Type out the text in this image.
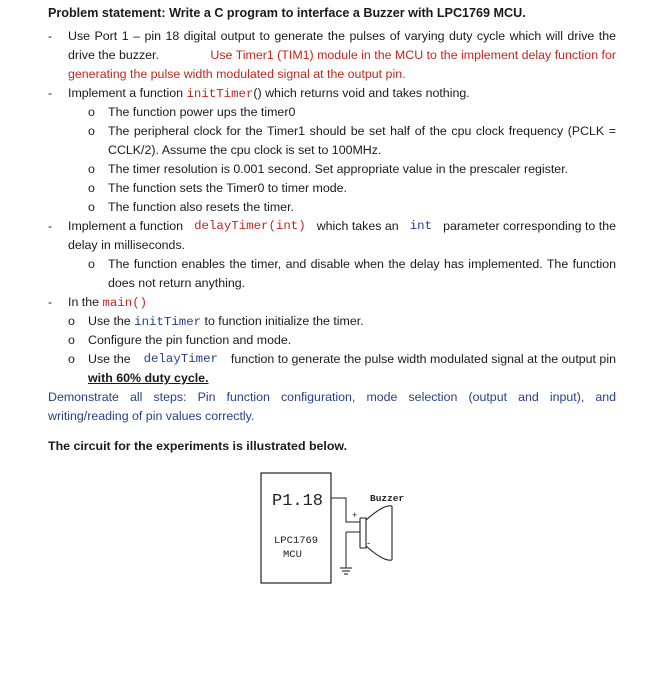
Problem statement: Write a C program to interface a Buzzer with LPC1769 MCU.
- Use Port 1 – pin 18 digital output to generate the pulses of varying duty cycle which will drive the
drive the buzzer.	Use Timer1 (TIM1) module in the MCU to the implement delay function for
generating the pulse width modulated signal at the output pin.
- Implement a function initTimer() which returns void and takes nothing.
o The function power ups the timer0
o The peripheral clock for the Timer1 should be set half of the cpu clock frequency (PCLK =
CCLK/2). Assume the cpu clock is set to 100MHz.
o The timer resolution is 0.001 second. Set appropriate value in the prescaler register.
o The function sets the Timer0 to timer mode.
o The function also resets the timer.
- Implement a function delayTimer(int) which takes an int parameter corresponding to the
delay in milliseconds.
o The function enables the timer, and disable when the delay has implemented. The function
does not return anything.
- In the main()
o Use the initTimer to function initialize the timer.
o Configure the pin function and mode.
o Use the delayTimer function to generate the pulse width modulated signal at the output pin
with 60% duty cycle.
Demonstrate all steps: Pin function configuration, mode selection (output and input), and
writing/reading of pin values correctly.
The circuit for the experiments is illustrated below.
P1.18
LPC1769
MCU
Buzzer
+
-
